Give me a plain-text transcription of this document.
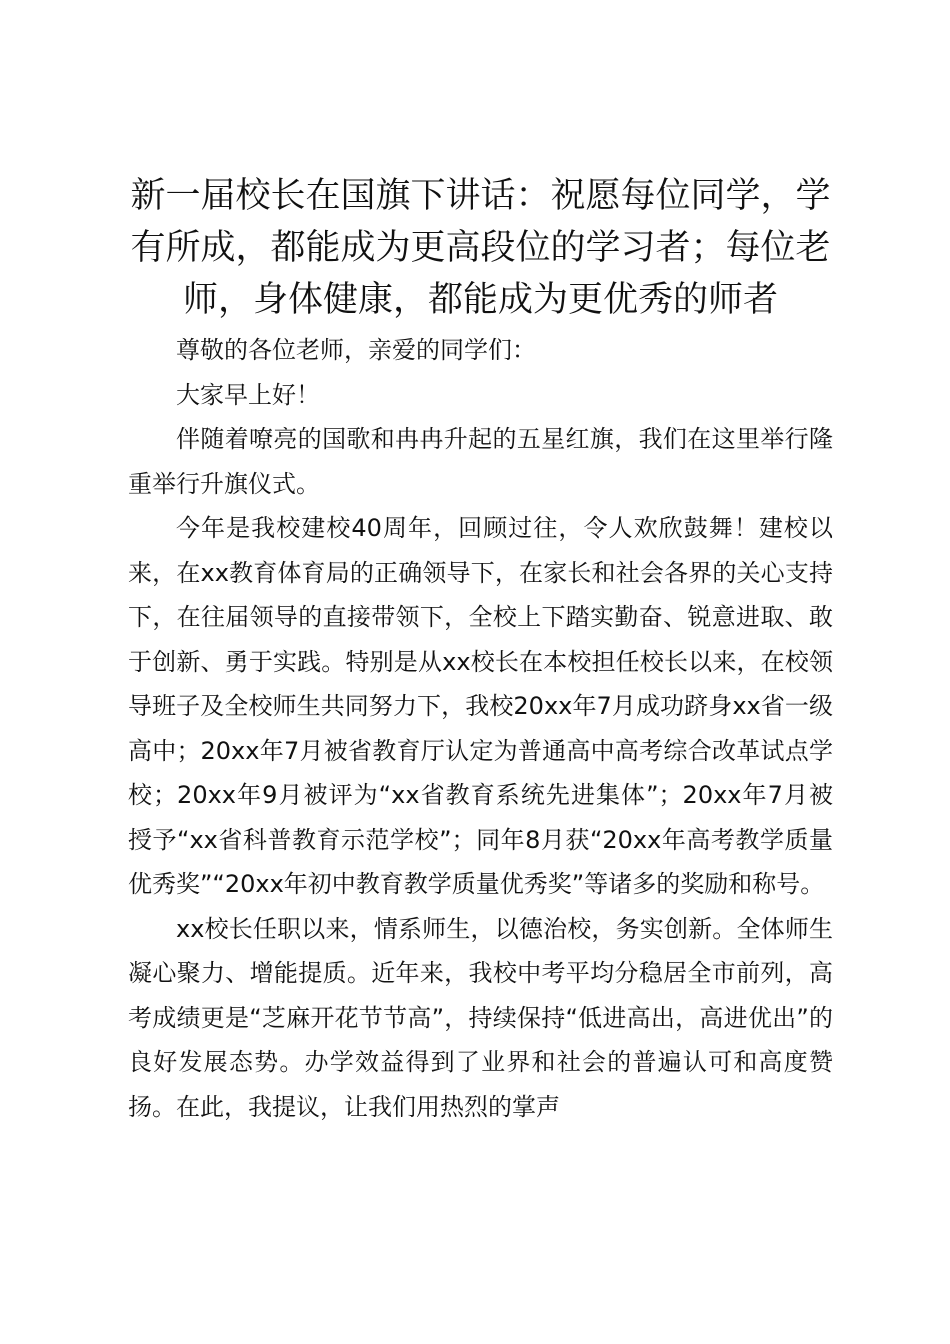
新一届校长在国旗下讲话：祝愿每位同学，学有所成，都能成为更高段位的学习者；每位老师，身体健康，都能成为更优秀的师者

尊敬的各位老师，亲爱的同学们：

大家早上好！

伴随着嘹亮的国歌和冉冉升起的五星红旗，我们在这里举行隆重举行升旗仪式。

今年是我校建校40周年，回顾过往，令人欢欣鼓舞！建校以来，在xx教育体育局的正确领导下，在家长和社会各界的关心支持下，在往届领导的直接带领下，全校上下踏实勤奋、锐意进取、敢于创新、勇于实践。特别是从xx校长在本校担任校长以来，在校领导班子及全校师生共同努力下，我校20xx年7月成功跻身xx省一级高中；20xx年7月被省教育厅认定为普通高中高考综合改革试点学校；20xx年9月被评为“xx省教育系统先进集体”；20xx年7月被授予“xx省科普教育示范学校”；同年8月获“20xx年高考教学质量优秀奖”“20xx年初中教育教学质量优秀奖”等诸多的奖励和称号。

xx校长任职以来，情系师生，以德治校，务实创新。全体师生凝心聚力、增能提质。近年来，我校中考平均分稳居全市前列，高考成绩更是“芝麻开花节节高”，持续保持“低进高出，高进优出”的良好发展态势。办学效益得到了业界和社会的普遍认可和高度赞扬。在此，我提议，让我们用热烈的掌声
